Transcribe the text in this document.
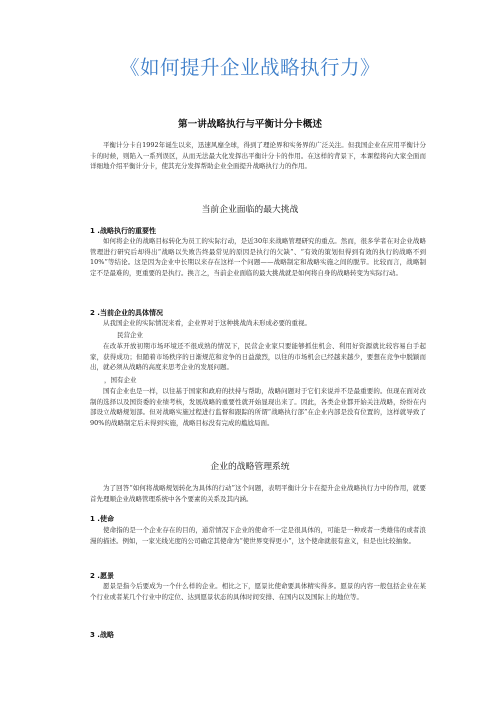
《如何提升企业战略执行力》
第一讲战略执行与平衡计分卡概述

平衡计分卡自1992年诞生以来，迅速风靡全球，得到了理论界和实务界的广泛关注。但我国企业在应用平衡计分卡的时候，则陷入一系列误区，从而无法最大化发挥出平衡计分卡的作用。在这样的背景下，本课程将向大家全面而详细地介绍平衡计分卡，使其充分发挥帮助企业全面提升战略执行力的作用。

当前企业面临的最大挑战
1 .战略执行的重要性

如何将企业的战略目标转化为员工的实际行动，是近30年来战略管理研究的重点。然而，很多学者在对企业战略管理进行研究后却得出“战略以失败告终最常见的原因是执行的欠缺”、“有效的策划但得到有效的执行的战略不到10%”等结论。这是因为企业中长期以来存在这样一个问题——战略制定和战略实施之间的脱节。比较而言，战略制定不是最难的，更重要的是执行。换言之，当前企业面临的最大挑战就是如何将自身的战略转变为实际行动。

2 .当前企业的具体情况

从我国企业的实际情况来看，企业界对于这种挑战尚未形成必要的重视。

民营企业

在改革开放初期市场环境还不很成熟的情况下，民营企业家只要能够抓住机会、利用好资源就比较容易白手起家，获得成功；但随着市场秩序的日渐规范和竞争的日益激烈，以往的市场机会已经越来越少，要想在竞争中脱颖而出，就必须从战略的高度来思考企业的发展问题。

，国有企业

国有企业也是一样，以往基于国家和政府的扶持与帮助，战略问题对于它们来说并不是最重要的。但现在面对改制的选择以及国资委的业绩考核，发展战略的重要性就开始显现出来了。因此，各类企业都开始关注战略，纷纷在内部设立战略规划部。但对战略实施过程进行监督和跟踪的所谓“战略执行部”在企业内部是没有位置的，这样就导致了90%的战略制定后未得到实施，战略目标没有完成的尴尬局面。

企业的战略管理系统

为了回答“如何将战略规划转化为具体的行动”这个问题，表明平衡计分卡在提升企业战略执行力中的作用，就要首先理顺企业战略管理系统中各个要素的关系及其内涵。

1 .使命

使命指的是一个企业存在的目的，通常情况下企业的使命不一定是很具体的，可能是一种或者一类雄伟的或者浪漫的描述。例如，一家光线光度的公司确定其使命为“使世界变得更小”，这个使命就很有意义，但是也比较抽象。

2 .愿景

愿景是指今后要成为一个什么样的企业。相比之下，愿景比使命要具体精实得多。愿景的内容一般包括企业在某个行业或者某几个行业中的定位、达到愿景状态的具体时间安排、在国内以及国际上的地位等。

3 .战略
